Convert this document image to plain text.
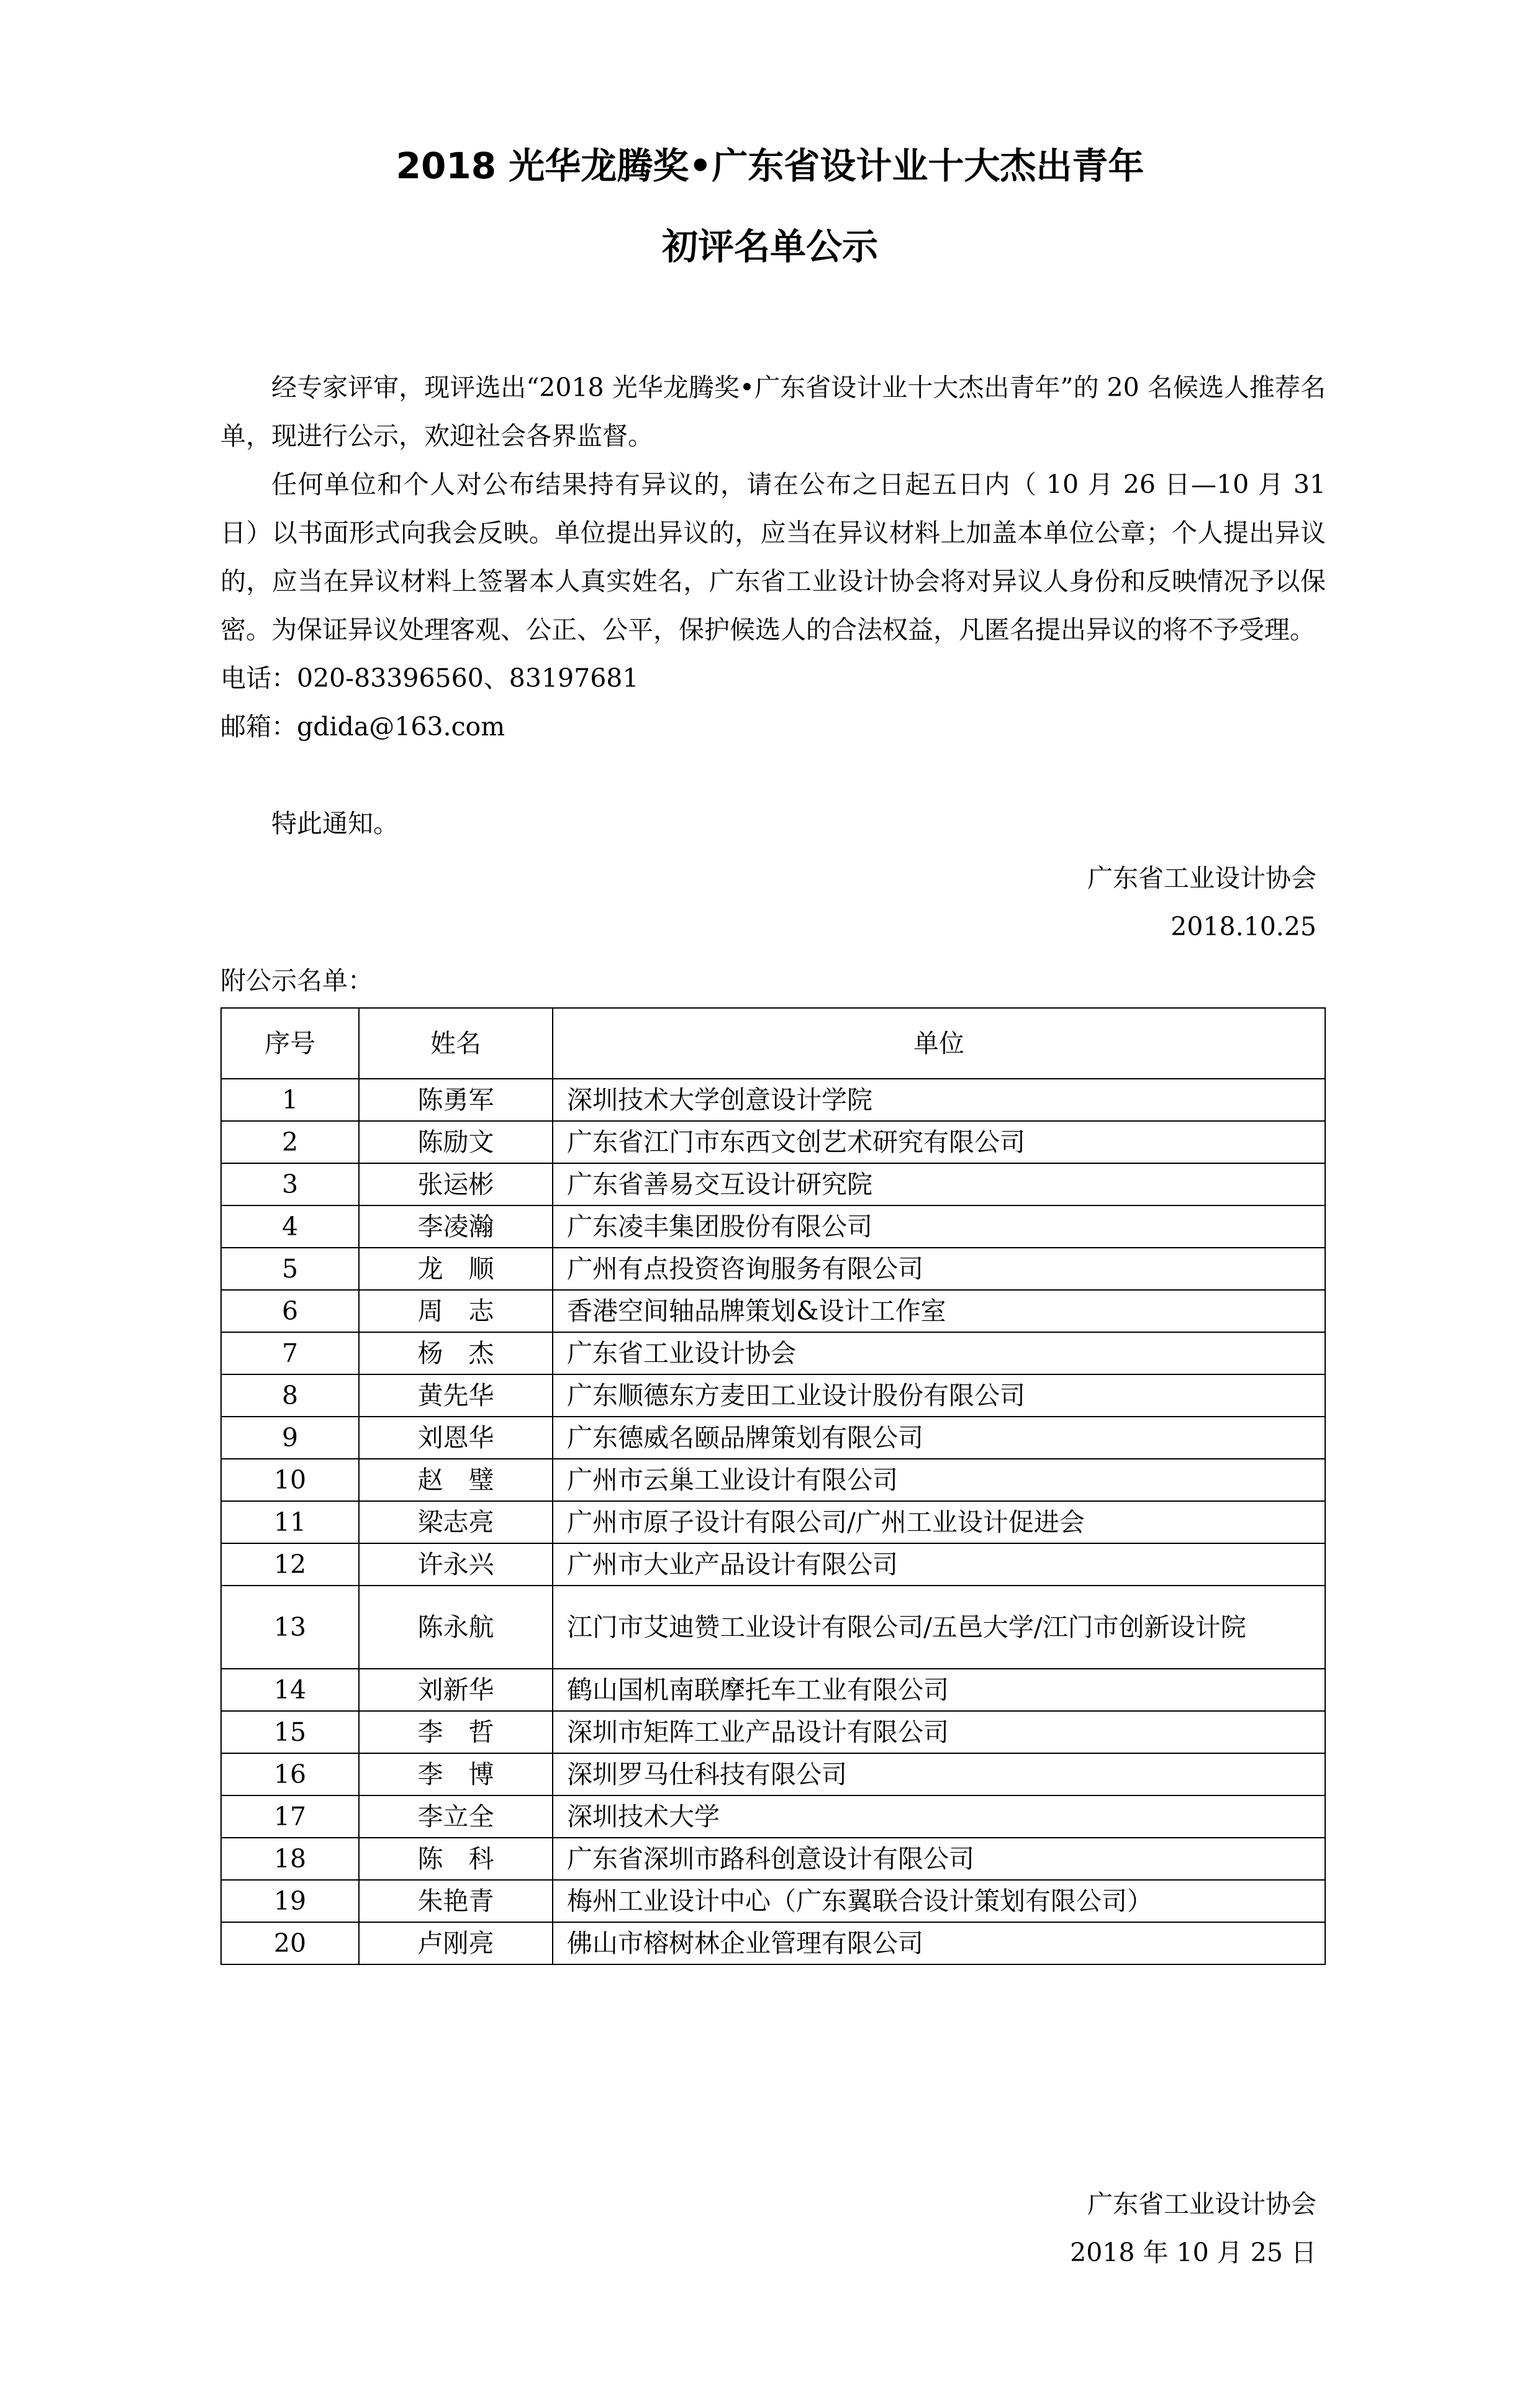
2018 光华龙腾奖•广东省设计业十大杰出青年
初评名单公示

经专家评审，现评选出“2018 光华龙腾奖•广东省设计业十大杰出青年”的 20 名候选人推荐名单，现进行公示，欢迎社会各界监督。

任何单位和个人对公布结果持有异议的，请在公布之日起五日内（ 10 月 26 日—10 月 31 日）以书面形式向我会反映。单位提出异议的，应当在异议材料上加盖本单位公章；个人提出异议的，应当在异议材料上签署本人真实姓名，广东省工业设计协会将对异议人身份和反映情况予以保密。为保证异议处理客观、公正、公平，保护候选人的合法权益，凡匿名提出异议的将不予受理。

电话：020-83396560、83197681

邮箱：gdida@163.com

特此通知。

广东省工业设计协会
2018.10.25
附公示名单：
序号	姓名	单位
1	陈勇军	深圳技术大学创意设计学院
2	陈励文	广东省江门市东西文创艺术研究有限公司
3	张运彬	广东省善易交互设计研究院
4	李凌瀚	广东凌丰集团股份有限公司
5	龙　顺	广州有点投资咨询服务有限公司
6	周　志	香港空间轴品牌策划&设计工作室
7	杨　杰	广东省工业设计协会
8	黄先华	广东顺德东方麦田工业设计股份有限公司
9	刘恩华	广东德威名颐品牌策划有限公司
10	赵　璧	广州市云巢工业设计有限公司
11	梁志亮	广州市原子设计有限公司/广州工业设计促进会
12	许永兴	广州市大业产品设计有限公司
13	陈永航	江门市艾迪赞工业设计有限公司/五邑大学/江门市创新设计院
14	刘新华	鹤山国机南联摩托车工业有限公司
15	李　哲	深圳市矩阵工业产品设计有限公司
16	李　博	深圳罗马仕科技有限公司
17	李立全	深圳技术大学
18	陈　科	广东省深圳市路科创意设计有限公司
19	朱艳青	梅州工业设计中心（广东翼联合设计策划有限公司）
20	卢刚亮	佛山市榕树林企业管理有限公司
广东省工业设计协会
2018 年 10 月 25 日
